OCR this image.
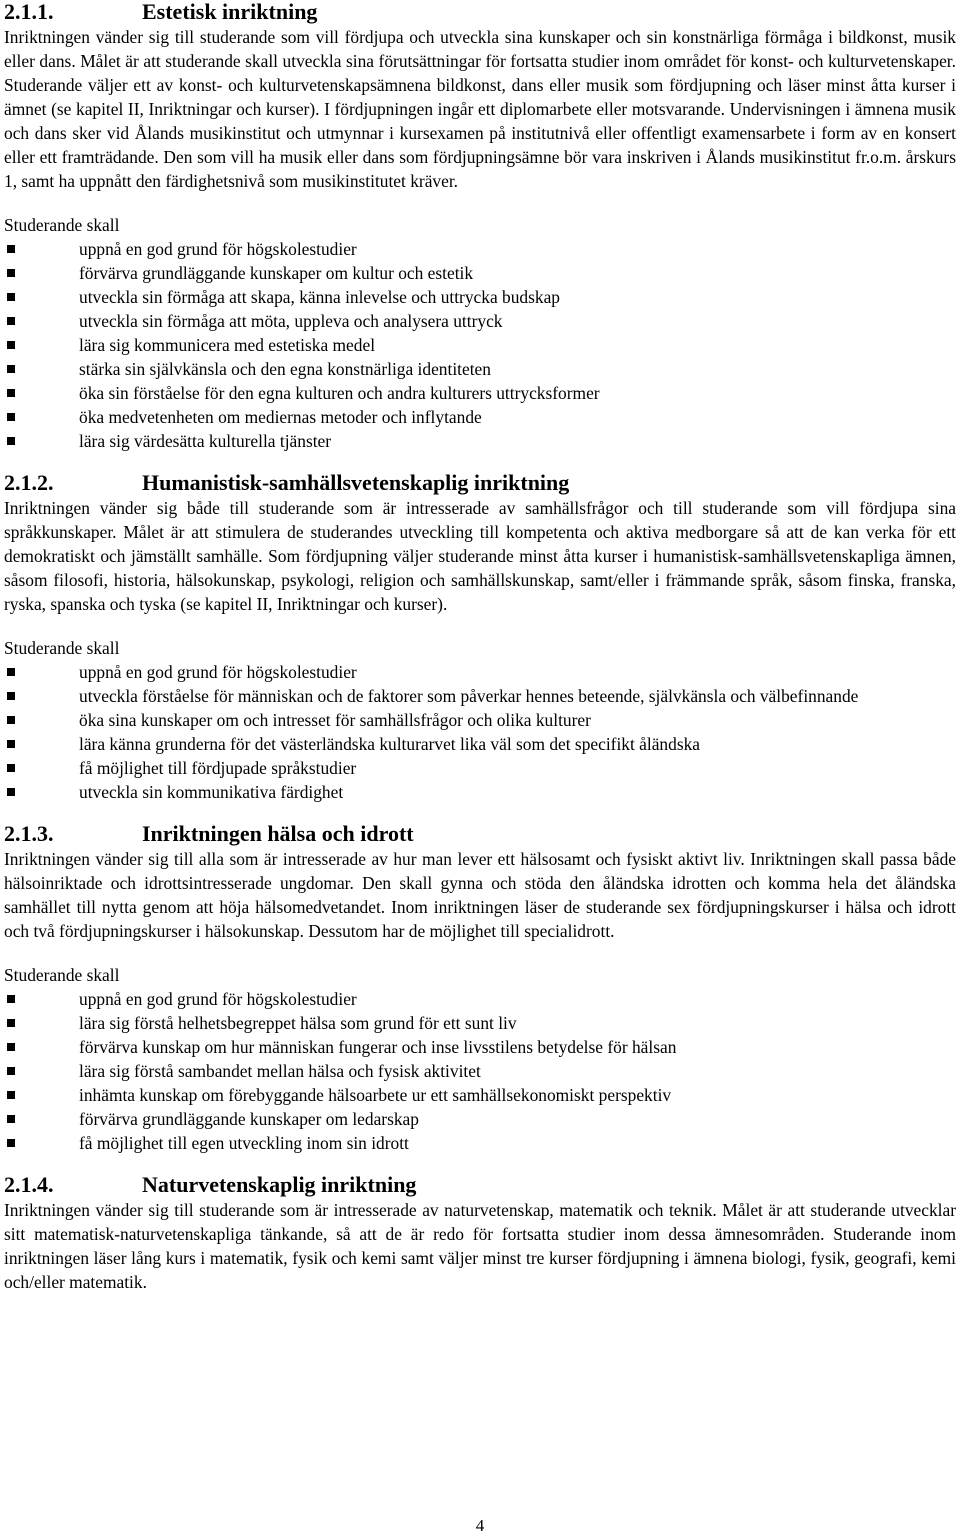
2.1.1.	Estetisk inriktning

Inriktningen vänder sig till studerande som vill fördjupa och utveckla sina kunskaper och sin konstnärliga förmåga i bildkonst, musik eller dans. Målet är att studerande skall utveckla sina förutsättningar för fortsatta studier inom området för konst- och kulturvetenskaper. Studerande väljer ett av konst- och kulturvetenskapsämnena bildkonst, dans eller musik som fördjupning och läser minst åtta kurser i ämnet (se kapitel II, Inriktningar och kurser). I fördjupningen ingår ett diplomarbete eller motsvarande. Undervisningen i ämnena musik och dans sker vid Ålands musikinstitut och utmynnar i kursexamen på institutnivå eller offentligt examensarbete i form av en konsert eller ett framträdande. Den som vill ha musik eller dans som fördjupningsämne bör vara inskriven i Ålands musikinstitut fr.o.m. årskurs 1, samt ha uppnått den färdighetsnivå som musikinstitutet kräver.

Studerande skall

uppnå en god grund för högskolestudier
förvärva grundläggande kunskaper om kultur och estetik
utveckla sin förmåga att skapa, känna inlevelse och uttrycka budskap
utveckla sin förmåga att möta, uppleva och analysera uttryck
lära sig kommunicera med estetiska medel
stärka sin självkänsla och den egna konstnärliga identiteten
öka sin förståelse för den egna kulturen och andra kulturers uttrycksformer
öka medvetenheten om mediernas metoder och inflytande
lära sig värdesätta kulturella tjänster
2.1.2.	Humanistisk-samhällsvetenskaplig inriktning

Inriktningen vänder sig både till studerande som är intresserade av samhällsfrågor och till studerande som vill fördjupa sina språkkunskaper. Målet är att stimulera de studerandes utveckling till kompetenta och aktiva medborgare så att de kan verka för ett demokratiskt och jämställt samhälle. Som fördjupning väljer studerande minst åtta kurser i humanistisk-samhällsvetenskapliga ämnen, såsom filosofi, historia, hälsokunskap, psykologi, religion och samhällskunskap, samt/eller i främmande språk, såsom finska, franska, ryska, spanska och tyska (se kapitel II, Inriktningar och kurser).

Studerande skall

uppnå en god grund för högskolestudier
utveckla förståelse för människan och de faktorer som påverkar hennes beteende, självkänsla och välbefinnande
öka sina kunskaper om och intresset för samhällsfrågor och olika kulturer
lära känna grunderna för det västerländska kulturarvet lika väl som det specifikt åländska
få möjlighet till fördjupade språkstudier
utveckla sin kommunikativa färdighet
2.1.3.	Inriktningen hälsa och idrott

Inriktningen vänder sig till alla som är intresserade av hur man lever ett hälsosamt och fysiskt aktivt liv. Inriktningen skall passa både hälsoinriktade och idrottsintresserade ungdomar. Den skall gynna och stöda den åländska idrotten och komma hela det åländska samhället till nytta genom att höja hälsomedvetandet. Inom inriktningen läser de studerande sex fördjupningskurser i hälsa och idrott och två fördjupningskurser i hälsokunskap. Dessutom har de möjlighet till specialidrott.

Studerande skall

uppnå en god grund för högskolestudier
lära sig förstå helhetsbegreppet hälsa som grund för ett sunt liv
förvärva kunskap om hur människan fungerar och inse livsstilens betydelse för hälsan
lära sig förstå sambandet mellan hälsa och fysisk aktivitet
inhämta kunskap om förebyggande hälsoarbete ur ett samhällsekonomiskt perspektiv
förvärva grundläggande kunskaper om ledarskap
få möjlighet till egen utveckling inom sin idrott
2.1.4.	Naturvetenskaplig inriktning

Inriktningen vänder sig till studerande som är intresserade av naturvetenskap, matematik och teknik. Målet är att studerande utvecklar sitt matematisk-naturvetenskapliga tänkande, så att de är redo för fortsatta studier inom dessa ämnesområden. Studerande inom inriktningen läser lång kurs i matematik, fysik och kemi samt väljer minst tre kurser fördjupning i ämnena biologi, fysik, geografi, kemi och/eller matematik.

4
